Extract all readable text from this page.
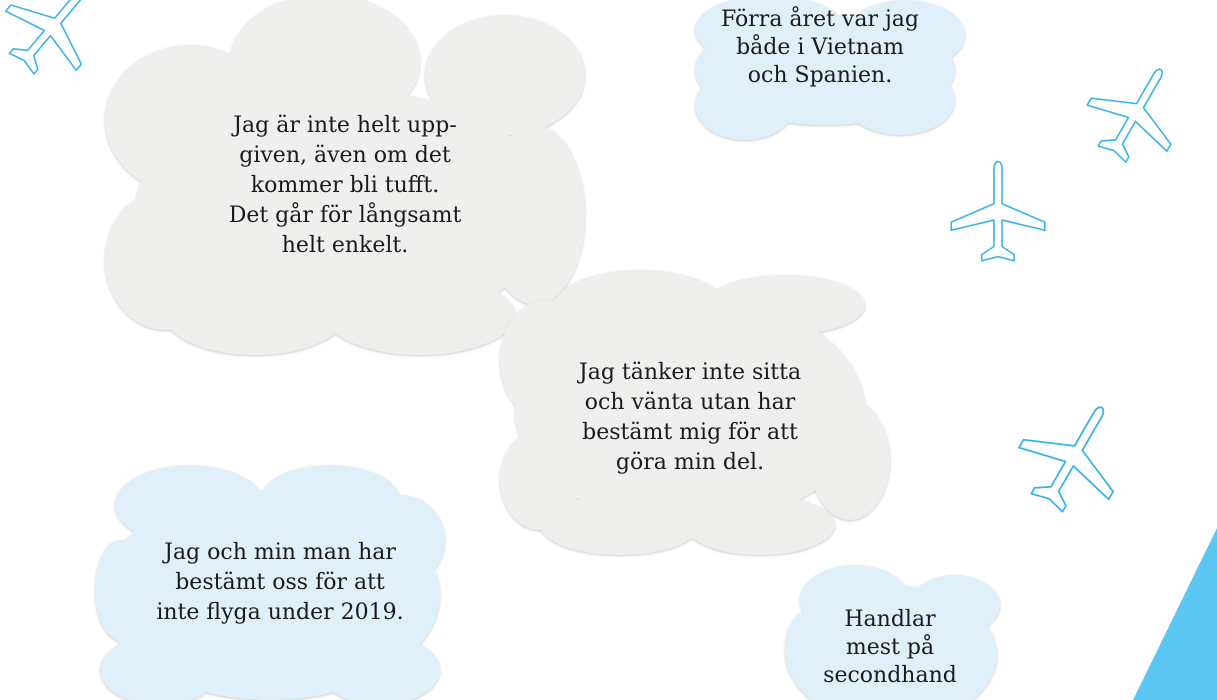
Jag är inte helt upp-
given, även om det
kommer bli tufft.
Det går för långsamt
helt enkelt.
Förra året var jag
både i Vietnam
och Spanien.
Jag tänker inte sitta
och vänta utan har
bestämt mig för att
göra min del.
Jag och min man har
bestämt oss för att
inte flyga under 2019.	Handlar
mest på
secondhand
